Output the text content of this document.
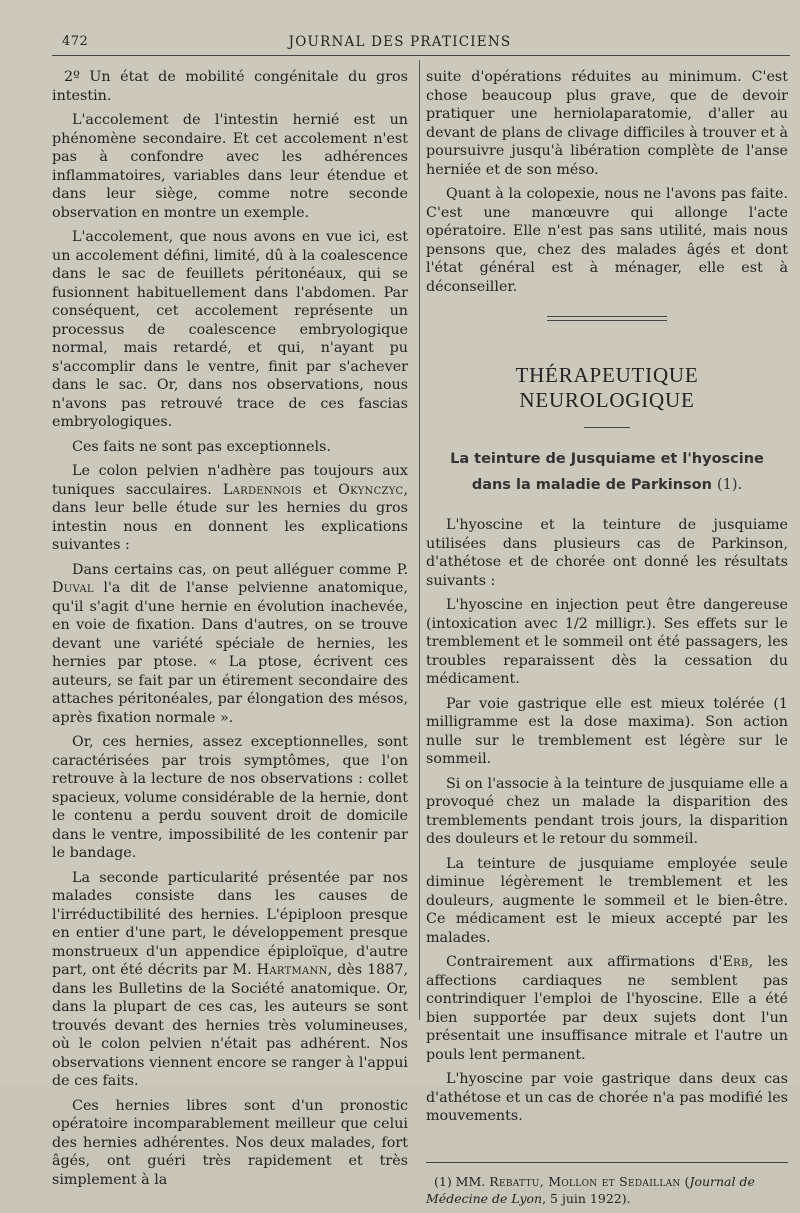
472	JOURNAL DES PRATICIENS

2º Un état de mobilité congénitale du gros intestin.

L'accolement de l'intestin hernié est un phénomène secondaire. Et cet accolement n'est pas à confondre avec les adhérences inflammatoires, variables dans leur étendue et dans leur siège, comme notre seconde observation en montre un exemple.

L'accolement, que nous avons en vue ici, est un accolement défini, limité, dû à la coalescence dans le sac de feuillets péritonéaux, qui se fusionnent habituellement dans l'abdomen. Par conséquent, cet accolement représente un processus de coalescence embryologique normal, mais retardé, et qui, n'ayant pu s'accomplir dans le ventre, finit par s'achever dans le sac. Or, dans nos observations, nous n'avons pas retrouvé trace de ces fascias embryologiques.

Ces faits ne sont pas exceptionnels.

Le colon pelvien n'adhère pas toujours aux tuniques sacculaires. Lardennois et Okynczyc, dans leur belle étude sur les hernies du gros intestin nous en donnent les explications suivantes :

Dans certains cas, on peut alléguer comme P. Duval l'a dit de l'anse pelvienne anatomique, qu'il s'agit d'une hernie en évolution inachevée, en voie de fixation. Dans d'autres, on se trouve devant une variété spéciale de hernies, les hernies par ptose. « La ptose, écrivent ces auteurs, se fait par un étirement secondaire des attaches péritonéales, par élongation des mésos, après fixation normale ».

Or, ces hernies, assez exceptionnelles, sont caractérisées par trois symptômes, que l'on retrouve à la lecture de nos observations : collet spacieux, volume considérable de la hernie, dont le contenu a perdu souvent droit de domicile dans le ventre, impossibilité de les contenir par le bandage.

La seconde particularité présentée par nos malades consiste dans les causes de l'irréductibilité des hernies. L'épiploon presque en entier d'une part, le développement presque monstrueux d'un appendice épiploïque, d'autre part, ont été décrits par M. Hartmann, dès 1887, dans les Bulletins de la Société anatomique. Or, dans la plupart de ces cas, les auteurs se sont trouvés devant des hernies très volumineuses, où le colon pelvien n'était pas adhérent. Nos observations viennent encore se ranger à l'appui de ces faits.

Ces hernies libres sont d'un pronostic opératoire incomparablement meilleur que celui des hernies adhérentes. Nos deux malades, fort âgés, ont guéri très rapidement et très simplement à la

suite d'opérations réduites au minimum. C'est chose beaucoup plus grave, que de devoir pratiquer une herniolaparatomie, d'aller au devant de plans de clivage difficiles à trouver et à poursuivre jusqu'à libération complète de l'anse herniée et de son méso.

Quant à la colopexie, nous ne l'avons pas faite. C'est une manœuvre qui allonge l'acte opératoire. Elle n'est pas sans utilité, mais nous pensons que, chez des malades âgés et dont l'état général est à ménager, elle est à déconseiller.

THÉRAPEUTIQUE NEUROLOGIQUE
La teinture de Jusquiame et l'hyoscine
dans la maladie de Parkinson (1).

L'hyoscine et la teinture de jusquiame utilisées dans plusieurs cas de Parkinson, d'athétose et de chorée ont donné les résultats suivants :

L'hyoscine en injection peut être dangereuse (intoxication avec 1/2 milligr.). Ses effets sur le tremblement et le sommeil ont été passagers, les troubles reparaissent dès la cessation du médicament.

Par voie gastrique elle est mieux tolérée (1 milligramme est la dose maxima). Son action nulle sur le tremblement est légère sur le sommeil.

Si on l'associe à la teinture de jusquiame elle a provoqué chez un malade la disparition des tremblements pendant trois jours, la disparition des douleurs et le retour du sommeil.

La teinture de jusquiame employée seule diminue légèrement le tremblement et les douleurs, augmente le sommeil et le bien-être. Ce médicament est le mieux accepté par les malades.

Contrairement aux affirmations d'Erb, les affections cardiaques ne semblent pas contrindiquer l'emploi de l'hyoscine. Elle a été bien supportée par deux sujets dont l'un présentait une insuffisance mitrale et l'autre un pouls lent permanent.

L'hyoscine par voie gastrique dans deux cas d'athétose et un cas de chorée n'a pas modifié les mouvements.

(1) MM. Rebattu, Mollon et Sedaillan (Journal de Médecine de Lyon, 5 juin 1922).
